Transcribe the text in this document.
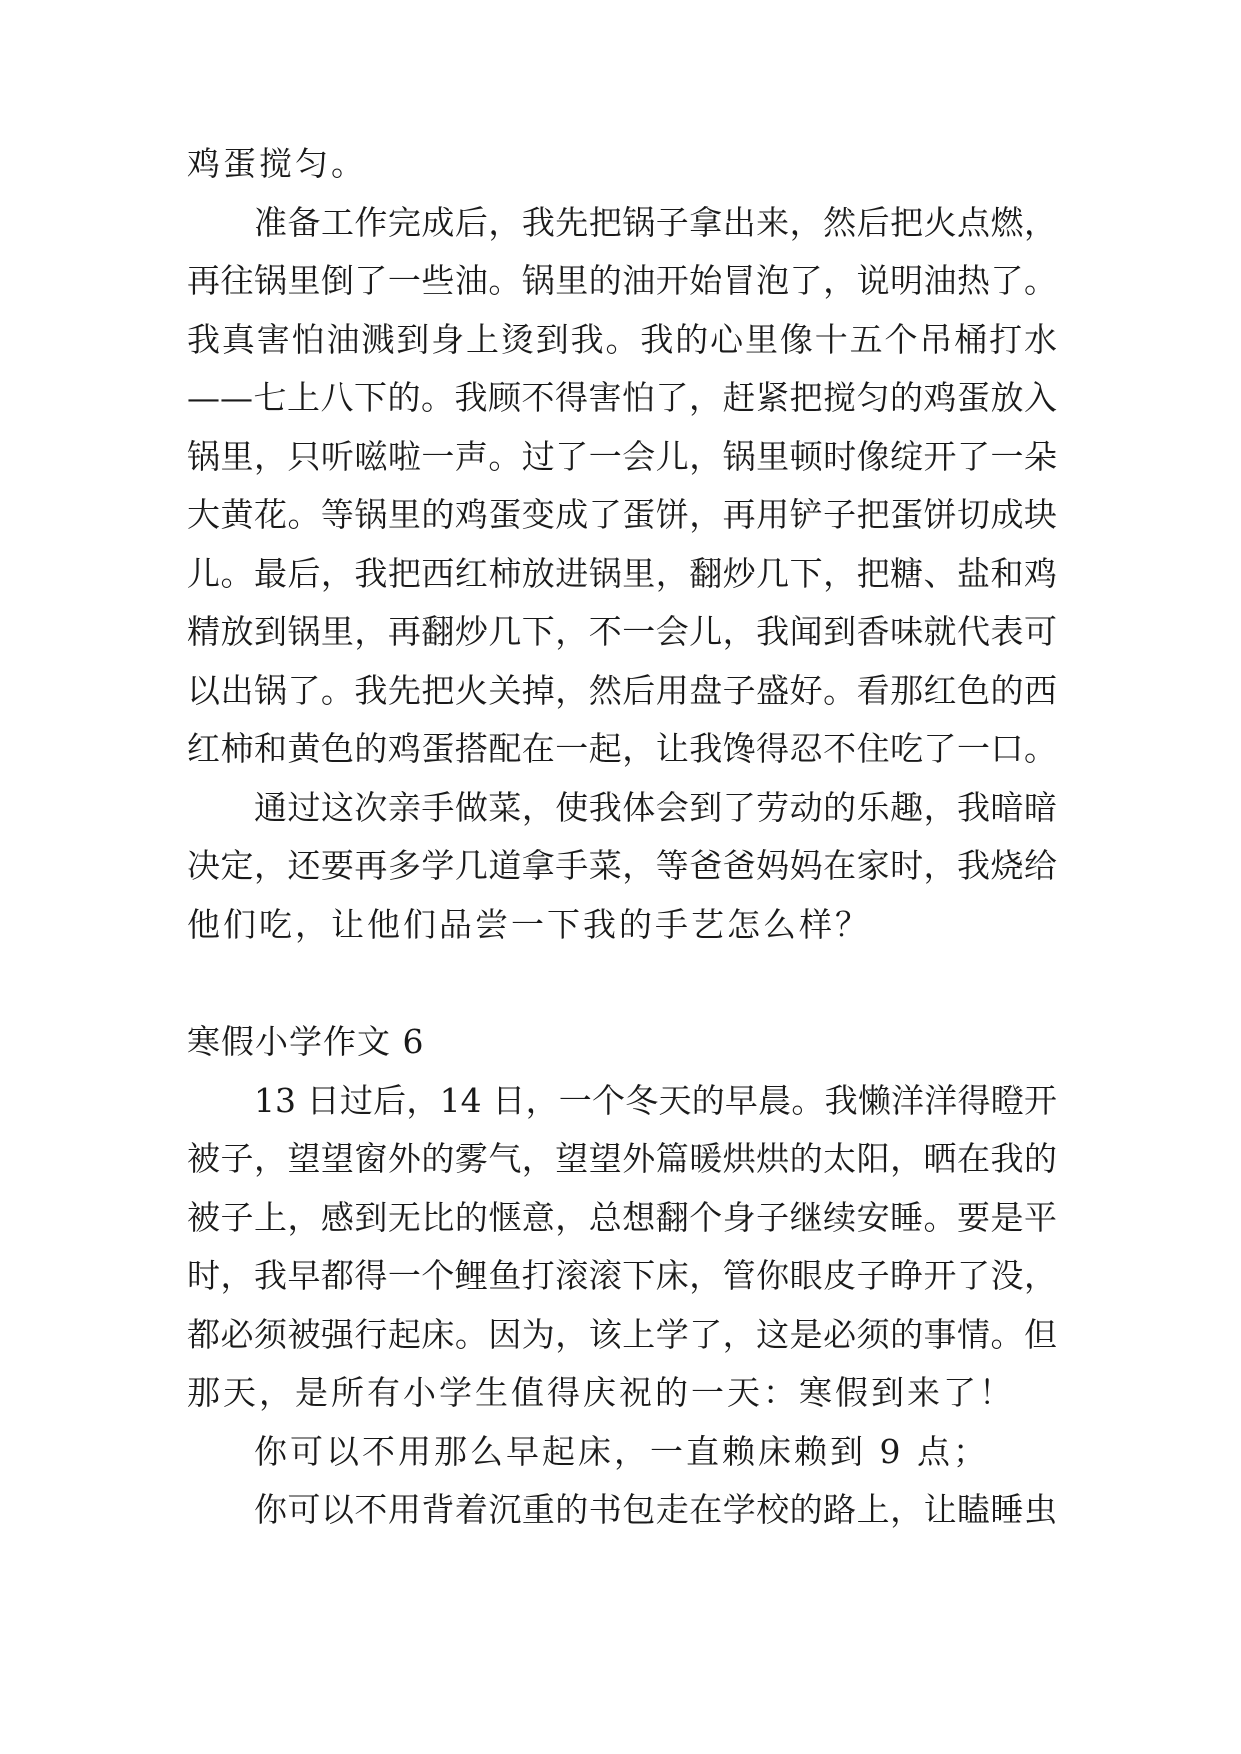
鸡蛋搅匀。
准备工作完成后，我先把锅子拿出来，然后把火点燃，
再往锅里倒了一些油。锅里的油开始冒泡了，说明油热了。
我真害怕油溅到身上烫到我。我的心里像十五个吊桶打水
——七上八下的。我顾不得害怕了，赶紧把搅匀的鸡蛋放入
锅里，只听嗞啦一声。过了一会儿，锅里顿时像绽开了一朵
大黄花。等锅里的鸡蛋变成了蛋饼，再用铲子把蛋饼切成块
儿。最后，我把西红柿放进锅里，翻炒几下，把糖、盐和鸡
精放到锅里，再翻炒几下，不一会儿，我闻到香味就代表可
以出锅了。我先把火关掉，然后用盘子盛好。看那红色的西
红柿和黄色的鸡蛋搭配在一起，让我馋得忍不住吃了一口。
通过这次亲手做菜，使我体会到了劳动的乐趣，我暗暗
决定，还要再多学几道拿手菜，等爸爸妈妈在家时，我烧给
他们吃，让他们品尝一下我的手艺怎么样？
寒假小学作文 6
13 日过后，14 日，一个冬天的早晨。我懒洋洋得瞪开
被子，望望窗外的雾气，望望外篇暖烘烘的太阳，晒在我的
被子上，感到无比的惬意，总想翻个身子继续安睡。要是平
时，我早都得一个鲤鱼打滚滚下床，管你眼皮子睁开了没，
都必须被强行起床。因为，该上学了，这是必须的事情。但
那天，是所有小学生值得庆祝的一天：寒假到来了！
你可以不用那么早起床，一直赖床赖到 9 点；
你可以不用背着沉重的书包走在学校的路上，让瞌睡虫
